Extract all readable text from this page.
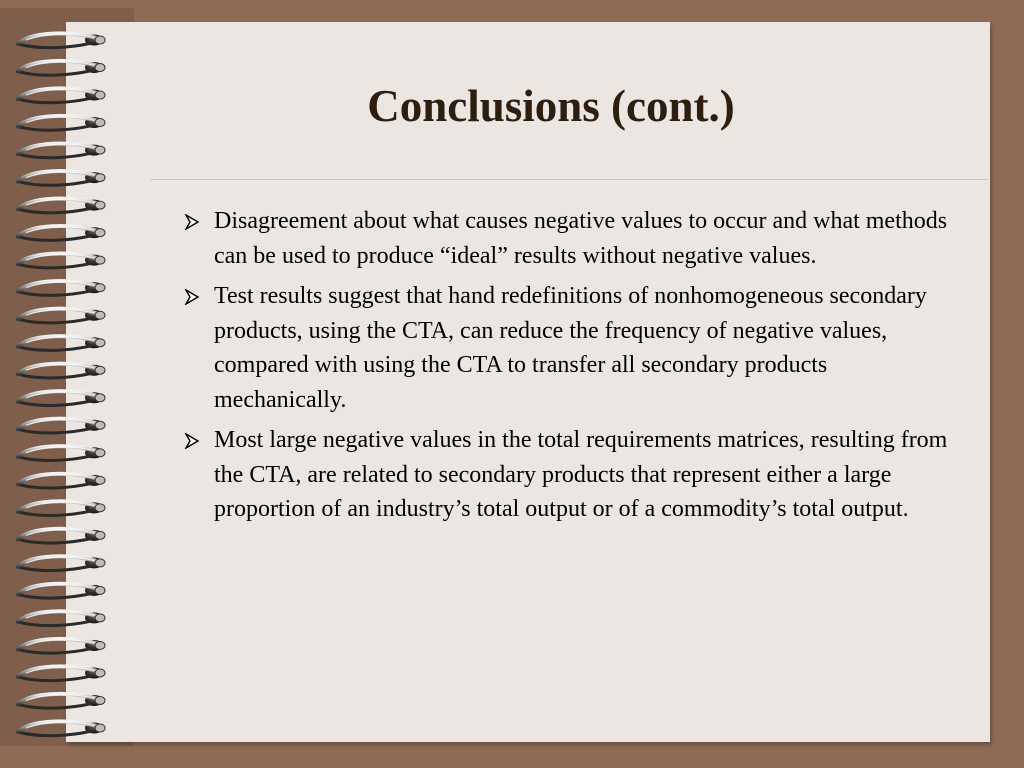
Conclusions (cont.)
Disagreement about what causes negative values to occur and what methods can be used to produce “ideal” results without negative values.
Test results suggest that hand redefinitions of nonhomogeneous secondary products, using the CTA, can reduce the frequency of negative values, compared with using the CTA to transfer all secondary products mechanically.
Most large negative values in the total requirements matrices, resulting from the CTA, are related to secondary products that represent either a large proportion of an industry’s total output or of a commodity’s total output.
